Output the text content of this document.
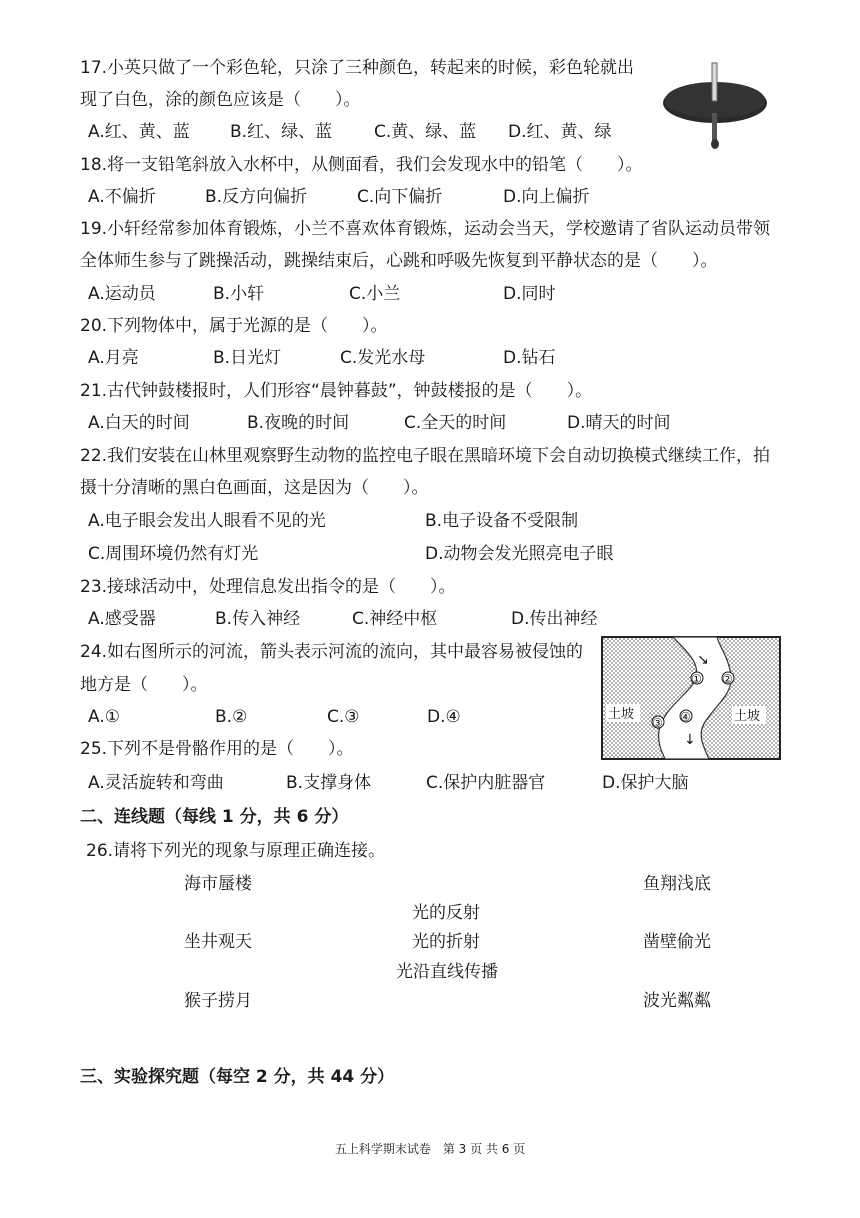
17.小英只做了一个彩色轮，只涂了三种颜色，转起来的时候，彩色轮就出
现了白色，涂的颜色应该是（　　）。
A.红、黄、蓝 B.红、绿、蓝 C.黄、绿、蓝 D.红、黄、绿
18.将一支铅笔斜放入水杯中，从侧面看，我们会发现水中的铅笔（　　）。
A.不偏折	B.反方向偏折	C.向下偏折	D.向上偏折
19.小轩经常参加体育锻炼，小兰不喜欢体育锻炼，运动会当天，学校邀请了省队运动员带领
全体师生参与了跳操活动，跳操结束后，心跳和呼吸先恢复到平静状态的是（　　）。
A.运动员	B.小轩	C.小兰	D.同时
20.下列物体中，属于光源的是（　　）。
A.月亮	B.日光灯	C.发光水母	D.钻石
21.古代钟鼓楼报时，人们形容“晨钟暮鼓”，钟鼓楼报的是（　　）。
A.白天的时间	B.夜晚的时间	C.全天的时间	D.晴天的时间
22.我们安装在山林里观察野生动物的监控电子眼在黑暗环境下会自动切换模式继续工作，拍
摄十分清晰的黑白色画面，这是因为（　　）。
A.电子眼会发出人眼看不见的光	B.电子设备不受限制
C.周围环境仍然有灯光	D.动物会发光照亮电子眼
23.接球活动中，处理信息发出指令的是（　　）。
A.感受器	B.传入神经	C.神经中枢	D.传出神经
24.如右图所示的河流，箭头表示河流的流向，其中最容易被侵蚀的
地方是（　　）。
A.①	B.②	C.③	D.④
↘
↓
① ②
③ ④
土坡	土坡
25.下列不是骨骼作用的是（　　）。
A.灵活旋转和弯曲	B.支撑身体	C.保护内脏器官	D.保护大脑
二、连线题（每线 1 分，共 6 分）
26.请将下列光的现象与原理正确连接。
海市蜃楼
坐井观天
猴子捞月
光的反射
光的折射
光沿直线传播
鱼翔浅底
凿壁偷光
波光粼粼
三、实验探究题（每空 2 分，共 44 分）
五上科学期末试卷　第 3 页 共 6 页
